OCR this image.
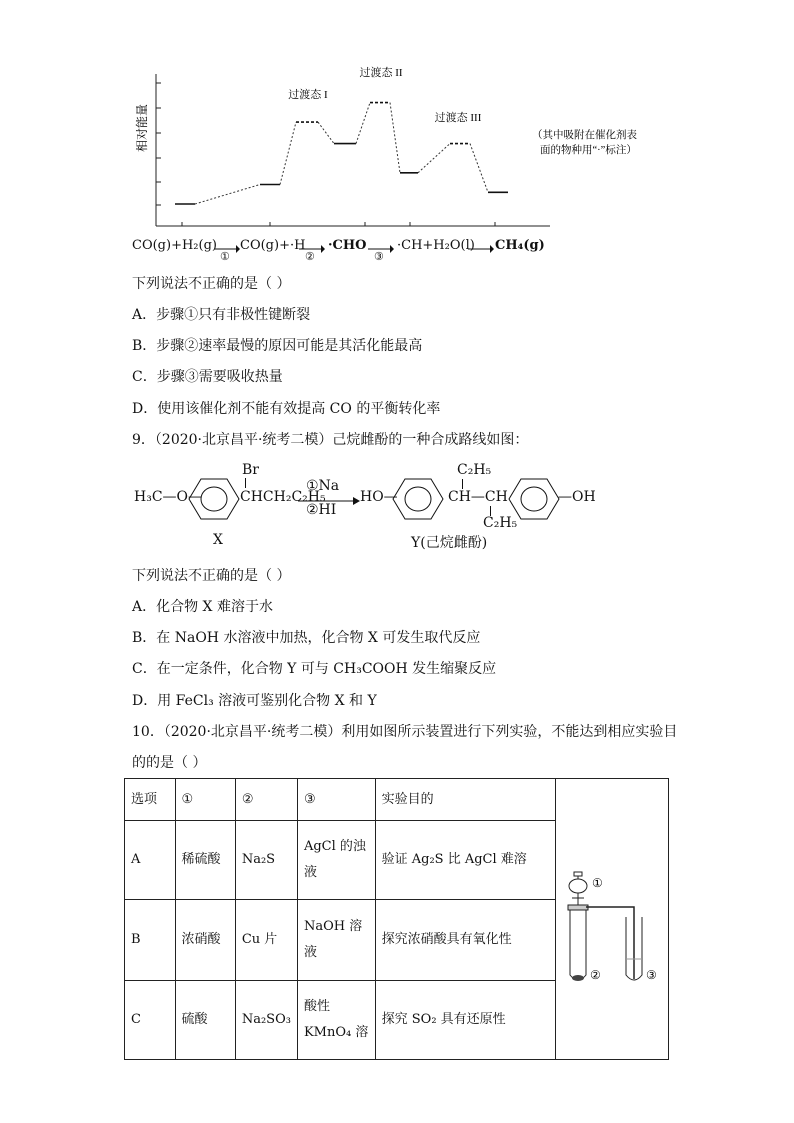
相对能量
过渡态 I
过渡态 II
过渡态 III
（其中吸附在催化剂表
面的物种用“·”标注）
CO(g)+H₂(g)
①
CO(g)+·H
②
·CHO
③
·CH+H₂O(l) CH₄(g)
下列说法不正确的是（ ）
A．步骤①只有非极性键断裂
B．步骤②速率最慢的原因可能是其活化能最高
C．步骤③需要吸收热量
D．使用该催化剂不能有效提高 CO 的平衡转化率
9．（2020·北京昌平·统考二模）己烷雌酚的一种合成路线如图：
H₃C—O—
Br
CHCH₂C₂H₅
①Na
②HI
HO—	CH—CH
C₂H₅
C₂H₅
—OH
X	Y(己烷雌酚)
下列说法不正确的是（ ）
A．化合物 X 难溶于水
B．在 NaOH 水溶液中加热，化合物 X 可发生取代反应
C．在一定条件，化合物 Y 可与 CH₃COOH 发生缩聚反应
D．用 FeCl₃ 溶液可鉴别化合物 X 和 Y
10．（2020·北京昌平·统考二模）利用如图所示装置进行下列实验，不能达到相应实验目
的的是（ ）
选项	①	②	③	实验目的	①
② ③

A	稀硫酸	Na₂S	AgCl 的浊液	验证 Ag₂S 比 AgCl 难溶	
B	浓硝酸	Cu 片	NaOH 溶液	探究浓硝酸具有氧化性	
C	硫酸	Na₂SO₃	酸性 KMnO₄ 溶	探究 SO₂ 具有还原性	
